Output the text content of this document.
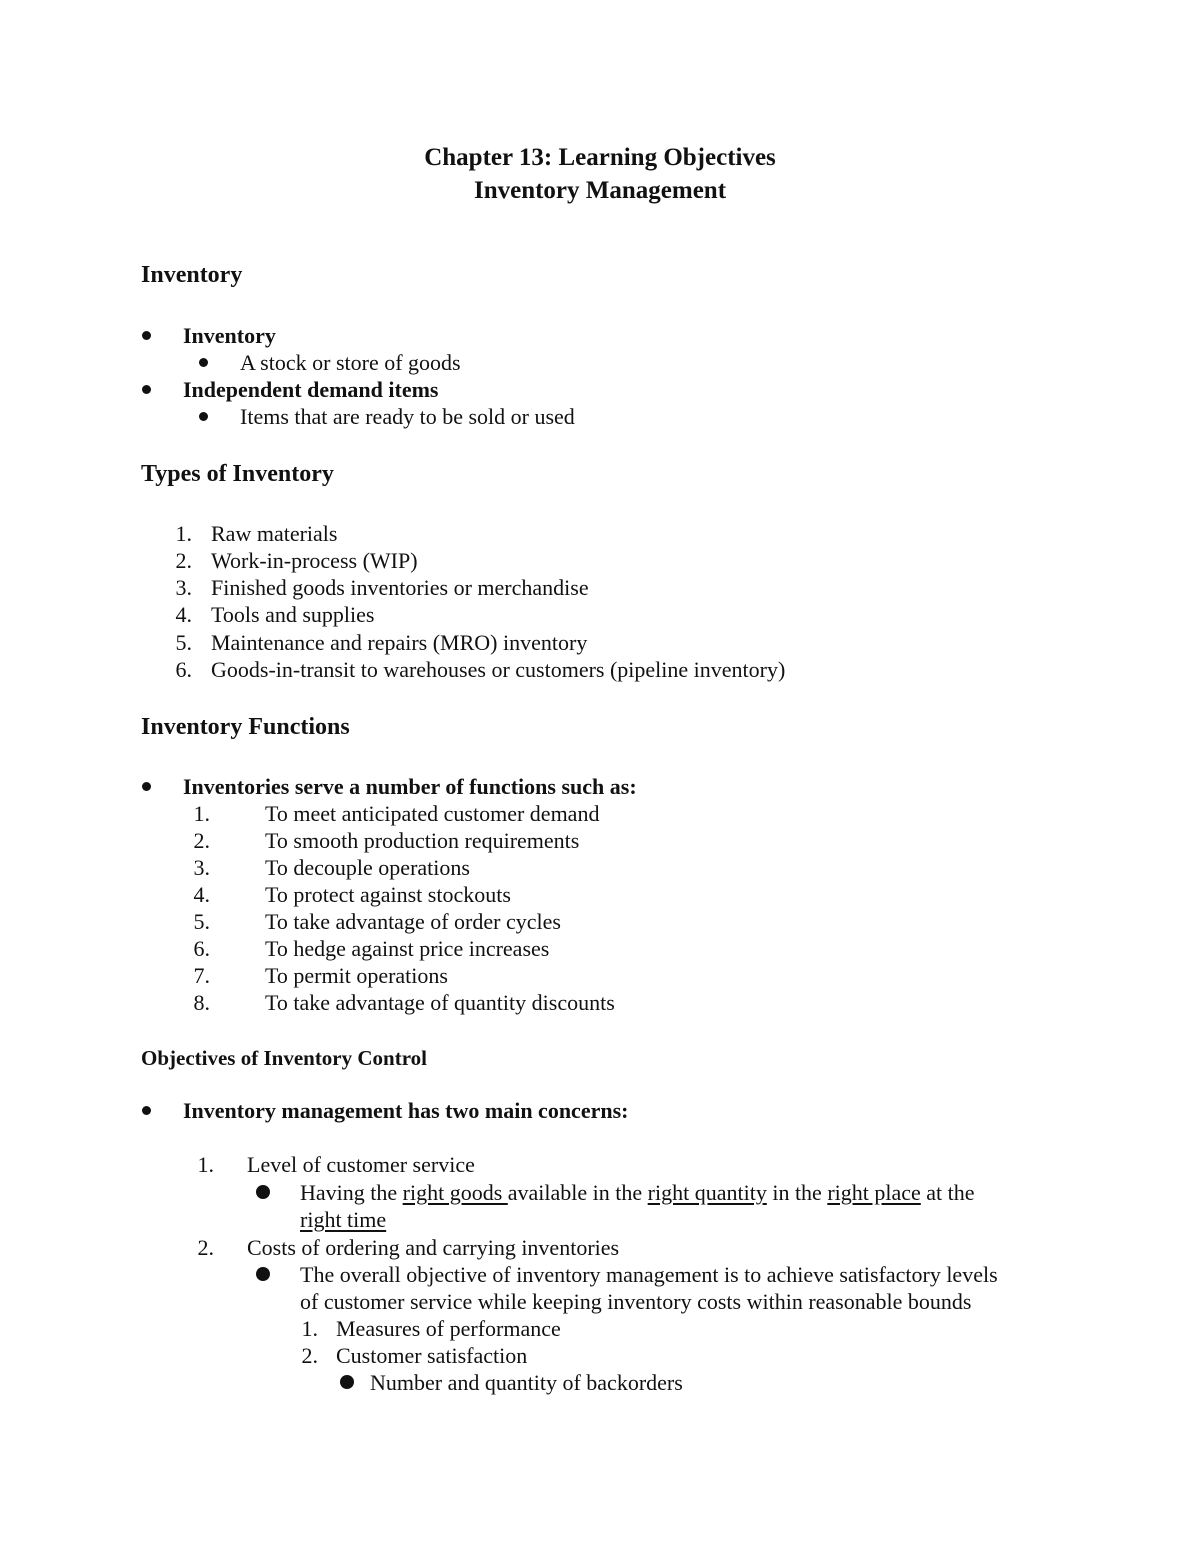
Chapter 13: Learning Objectives
Inventory Management
Inventory
Inventory
A stock or store of goods
Independent demand items
Items that are ready to be sold or used
Types of Inventory
1. Raw materials
2. Work-in-process (WIP)
3. Finished goods inventories or merchandise
4. Tools and supplies
5. Maintenance and repairs (MRO) inventory
6. Goods-in-transit to warehouses or customers (pipeline inventory)
Inventory Functions
Inventories serve a number of functions such as:
1.	To meet anticipated customer demand
2.	To smooth production requirements
3.	To decouple operations
4.	To protect against stockouts
5.	To take advantage of order cycles
6.	To hedge against price increases
7.	To permit operations
8.	To take advantage of quantity discounts
Objectives of Inventory Control
Inventory management has two main concerns:
1. Level of customer service
Having the right goods available in the right quantity in the right place at the
right time
2. Costs of ordering and carrying inventories
The overall objective of inventory management is to achieve satisfactory levels
of customer service while keeping inventory costs within reasonable bounds
1. Measures of performance
2. Customer satisfaction
Number and quantity of backorders
